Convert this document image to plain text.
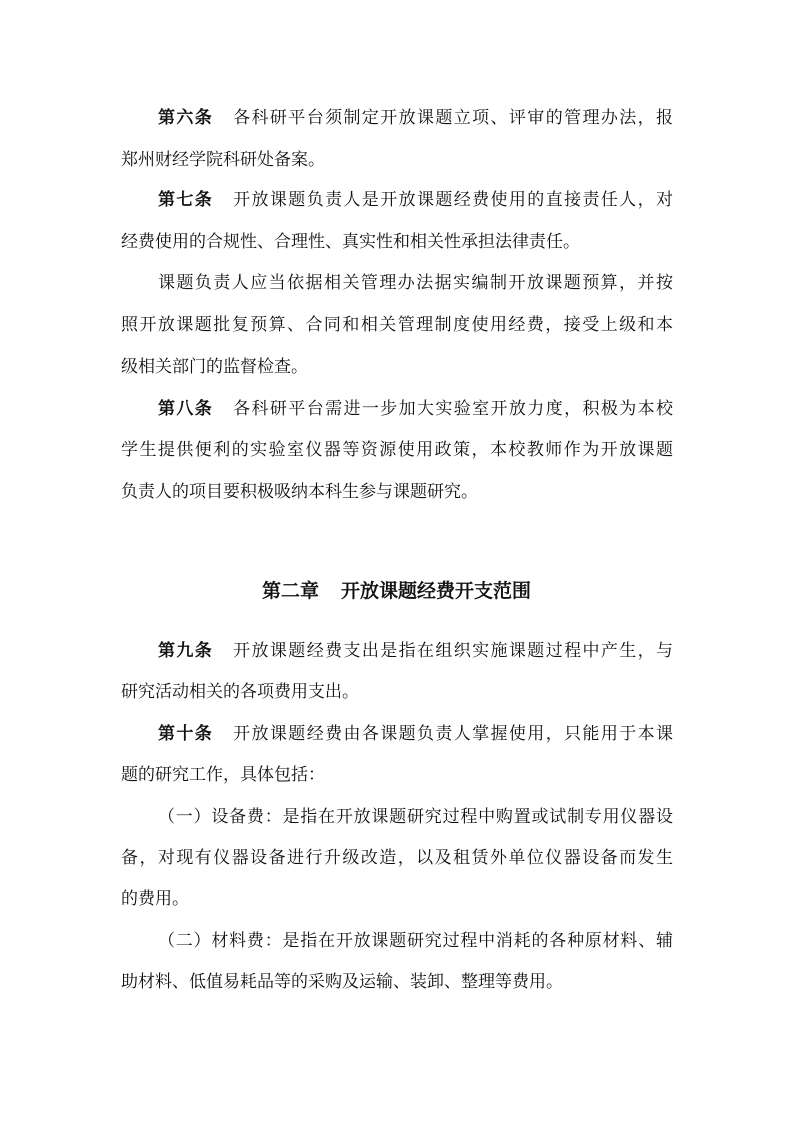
第六条 各科研平台须制定开放课题立项、评审的管理办法，报
郑州财经学院科研处备案。
第七条 开放课题负责人是开放课题经费使用的直接责任人，对
经费使用的合规性、合理性、真实性和相关性承担法律责任。
课题负责人应当依据相关管理办法据实编制开放课题预算，并按
照开放课题批复预算、合同和相关管理制度使用经费，接受上级和本
级相关部门的监督检查。
第八条 各科研平台需进一步加大实验室开放力度，积极为本校
学生提供便利的实验室仪器等资源使用政策，本校教师作为开放课题
负责人的项目要积极吸纳本科生参与课题研究。
第二章 开放课题经费开支范围
第九条 开放课题经费支出是指在组织实施课题过程中产生，与
研究活动相关的各项费用支出。
第十条 开放课题经费由各课题负责人掌握使用，只能用于本课
题的研究工作，具体包括：
（一）设备费：是指在开放课题研究过程中购置或试制专用仪器设
备，对现有仪器设备进行升级改造，以及租赁外单位仪器设备而发生
的费用。
（二）材料费：是指在开放课题研究过程中消耗的各种原材料、辅
助材料、低值易耗品等的采购及运输、装卸、整理等费用。
